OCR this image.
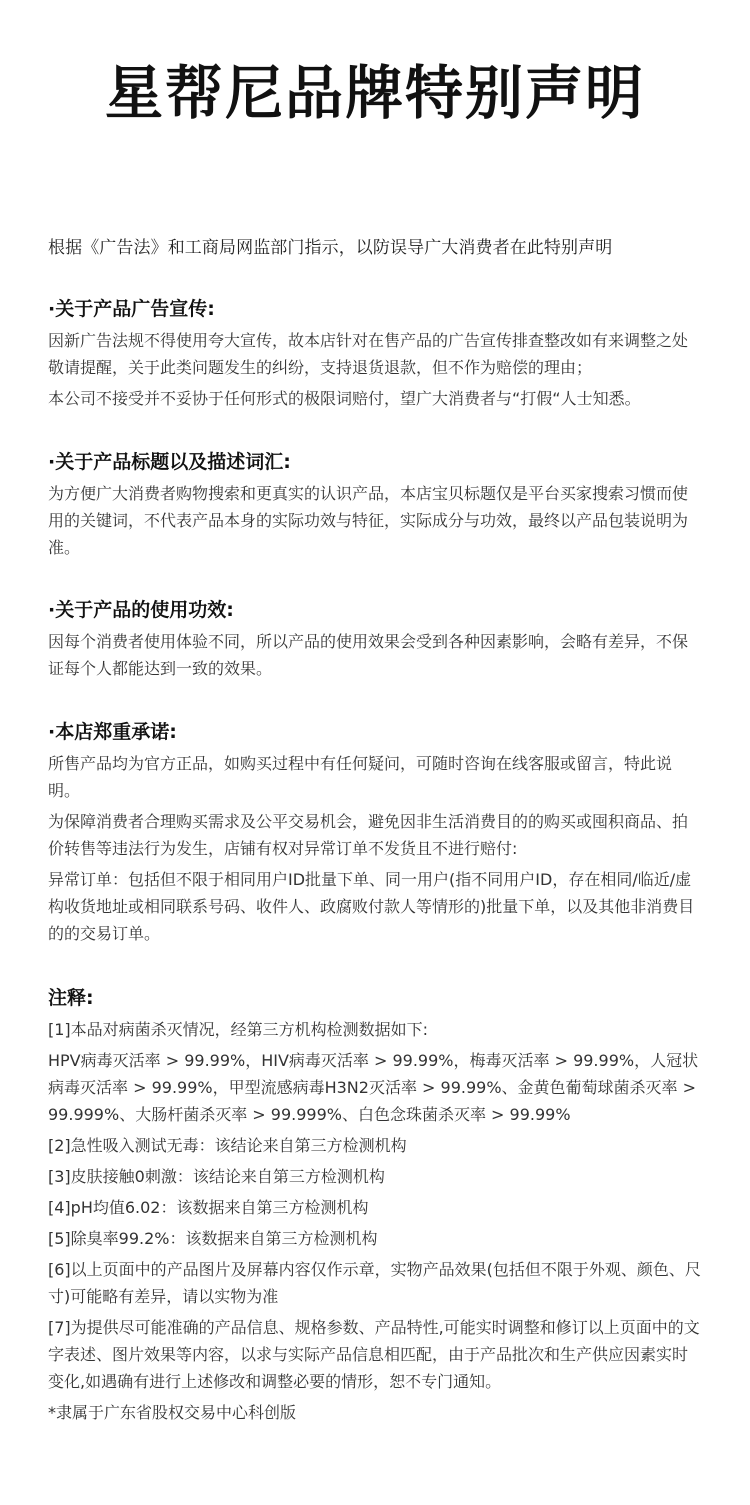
星帮尼品牌特别声明
根据《广告法》和工商局网监部门指示，以防误导广大消费者在此特别声明
·关于产品广告宣传:
因新广告法规不得使用夸大宣传，故本店针对在售产品的广告宣传排查整改如有来调整之处敬请提醒，关于此类问题发生的纠纷，支持退货退款，但不作为赔偿的理由；
本公司不接受并不妥协于任何形式的极限词赔付，望广大消费者与“打假“人士知悉。
·关于产品标题以及描述词汇:
为方便广大消费者购物搜索和更真实的认识产品，本店宝贝标题仅是平台买家搜索习惯而使用的关键词，不代表产品本身的实际功效与特征，实际成分与功效，最终以产品包装说明为准。
·关于产品的使用功效:
因每个消费者使用体验不同，所以产品的使用效果会受到各种因素影响，会略有差异，不保证每个人都能达到一致的效果。
·本店郑重承诺:
所售产品均为官方正品，如购买过程中有任何疑问，可随时咨询在线客服或留言，特此说明。
为保障消费者合理购买需求及公平交易机会，避免因非生活消费目的的购买或囤积商品、拍价转售等违法行为发生，店铺有权对异常订单不发货且不进行赔付:
异常订单：包括但不限于相同用户ID批量下单、同一用户(指不同用户ID，存在相同/临近/虚构收货地址或相同联系号码、收件人、政腐败付款人等情形的)批量下单，以及其他非消费目的的交易订单。
注释:
[1]本品对病菌杀灭情况，经第三方机构检测数据如下:
HPV病毒灭活率 > 99.99%，HIV病毒灭活率 > 99.99%，梅毒灭活率 > 99.99%，人冠状病毒灭活率 > 99.99%，甲型流感病毒H3N2灭活率 > 99.99%、金黄色葡萄球菌杀灭率 > 99.999%、大肠杆菌杀灭率 > 99.999%、白色念珠菌杀灭率 > 99.99%
[2]急性吸入测试无毒：该结论来自第三方检测机构
[3]皮肤接触0刺激：该结论来自第三方检测机构
[4]pH均值6.02：该数据来自第三方检测机构
[5]除臭率99.2%：该数据来自第三方检测机构
[6]以上页面中的产品图片及屏幕内容仅作示章，实物产品效果(包括但不限于外观、颜色、尺寸)可能略有差异，请以实物为准
[7]为提供尽可能准确的产品信息、规格参数、产品特性,可能实时调整和修订以上页面中的文字表述、图片效果等内容，以求与实际产品信息相匹配，由于产品批次和生产供应因素实时变化,如遇确有进行上述修改和调整必要的情形，恕不专门通知。
*隶属于广东省股权交易中心科创版
